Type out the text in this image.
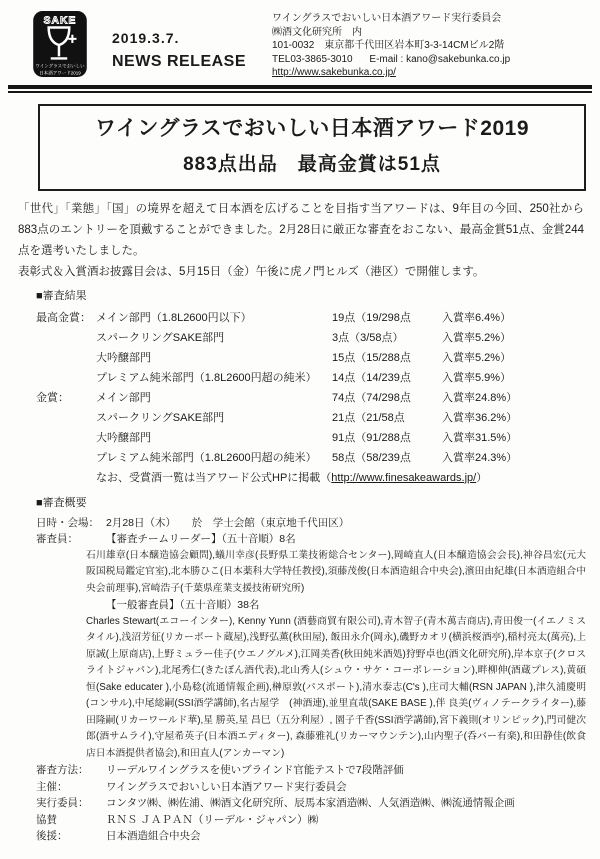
SAKE
ワイングラスでおいしい
日本酒アワード2019
2019.3.7.
NEWS RELEASE
ワイングラスでおいしい日本酒アワード実行委員会
㈱酒文化研究所　内
101-0032　東京都千代田区岩本町3-3-14CMビル2階
TEL03-3865-3010 E-mail : kano@sakebunka.co.jp
http://www.sakebunka.co.jp/
ワイングラスでおいしい日本酒アワード2019
883点出品　最高金賞は51点

「世代」「業態」「国」の境界を超えて日本酒を広げることを目指す当アワードは、9年目の今回、250社から883点のエントリーを頂戴することができました。2月28日に厳正な審査をおこない、最高金賞51点、金賞244点を選考いたしました。

表彰式＆入賞酒お披露目会は、5月15日（金）午後に虎ノ門ヒルズ（港区）で開催します。

■審査結果
最高金賞： メイン部門（1.8L2600円以下）	19点（19/298点	入賞率6.4%）
スパークリングSAKE部門	3点（3/58点）	入賞率5.2%）
大吟醸部門	15点（15/288点	入賞率5.2%）
プレミアム純米部門（1.8L2600円超の純米）	14点（14/239点	入賞率5.9%）
金賞：	メイン部門	74点（74/298点	入賞率24.8%）
スパークリングSAKE部門	21点（21/58点	入賞率36.2%）
大吟醸部門	91点（91/288点	入賞率31.5%）
プレミアム純米部門（1.8L2600円超の純米）	58点（58/239点	入賞率24.3%）
なお、受賞酒一覧は当アワード公式HPに掲載（http://www.finesakeawards.jp/）
■審査概要
日時・会場： 2月28日（木）　　於　学士会館（東京地千代田区）
審査員：	【審査チームリーダー】（五十音順）8名
石川雄章(日本醸造協会顧問),蟻川幸彦(長野県工業技術総合センター),岡崎直人(日本醸造協会会長),神谷昌宏(元大阪国税局鑑定官室),北本勝ひこ(日本薬科大学特任教授),須藤茂俊(日本酒造組合中央会),濱田由紀雄(日本酒造組合中央会前理事),宮崎浩子(千葉県産業支援技術研究所)
【一般審査員】（五十音順）38名
Charles Stewart(エコーインター), Kenny Yunn (酒藝商貿有限公司),青木智子(青木萬吉商店),青田俊一(イエノミスタイル),浅沼芳征(リカーポート蔵屋),浅野弘薫(秋田屋), 飯田永介(岡永),磯野カオリ(横浜桜酒亭),稲村亮太(萬亮),上原誠(上原商店),上野ミュラー佳子(ウエノグルメ),江岡美香(秋田純米酒処)狩野卓也(酒文化研究所),岸本京子(クロスライトジャパン),北尾秀仁(きたぼん酒代表),北山秀人(シュウ・サケ・コーポレーション),畔柳伸(酒蔵プレス),黄碩恒(Sake educater ),小島稔(流通情報企画),榊原敦(パスポート),清水泰志(C's ),庄司大輔(RSN JAPAN ),津久浦慶明(コンサル),中尾総嗣(SSI酒学講師),名古屋学　(神酒連),並里直哉(SAKE BASE ),伴 良美(ヴィノテークライター),藤田隆嗣(リカーワールド華),星 勝英,星 昌巳（五分利屋）, 園子千香(SSI酒学講師),宮下義則(オリンピック),門司健次郎(酒サムライ),守屋希英子(日本酒エディター), 森藤雅礼(リカーマウンテン),山内聖子(呑バー有楽),和田静佳(飲食店日本酒提供者協会),和田直人(アンカーマン)
審査方法：	リーデルワイングラスを使いブラインド官能テストで7段階評価
主催：	ワイングラスでおいしい日本酒アワード実行委員会
実行委員：	コンタツ㈱、㈱佐浦、㈱酒文化研究所、辰馬本家酒造㈱、人気酒造㈱、㈱流通情報企画
協賛	ＲＮＳ ＪＡＰＡＮ（リーデル・ジャパン）㈱
後援：	日本酒造組合中央会
